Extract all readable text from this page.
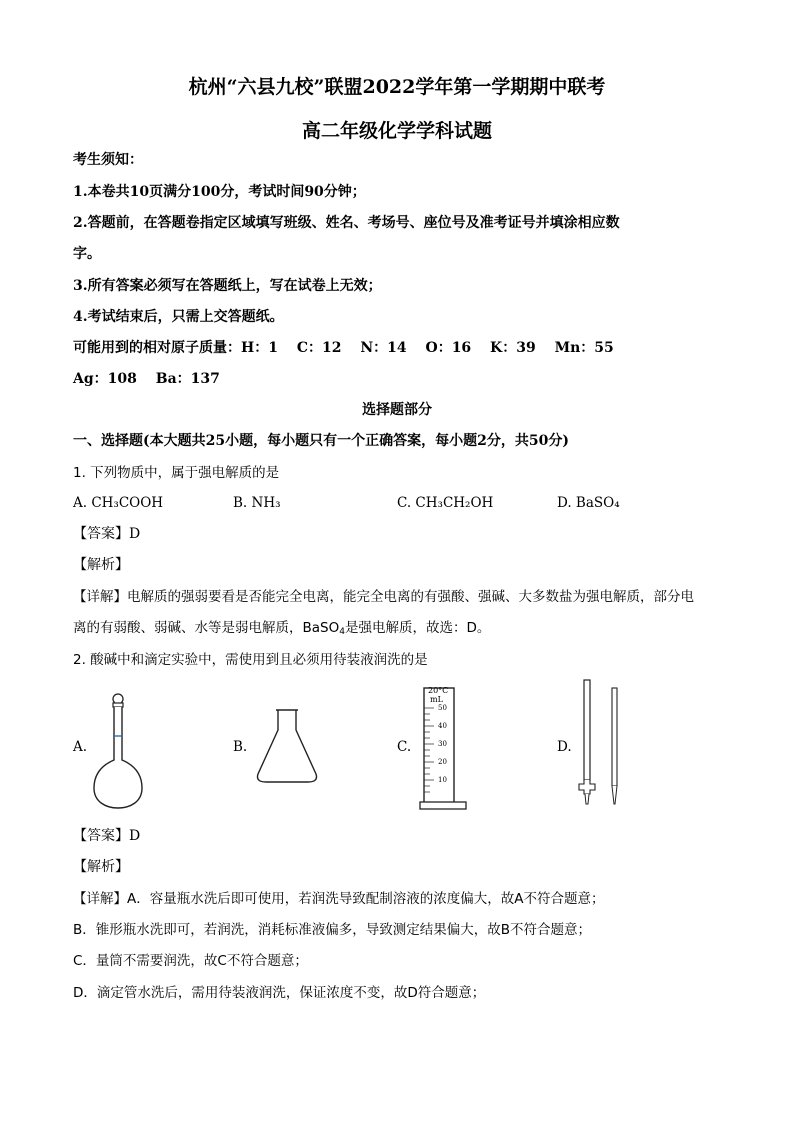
杭州“六县九校”联盟2022学年第一学期期中联考
高二年级化学学科试题
考生须知：
1.本卷共10页满分100分，考试时间90分钟；
2.答题前，在答题卷指定区域填写班级、姓名、考场号、座位号及准考证号并填涂相应数
字。
3.所有答案必须写在答题纸上，写在试卷上无效；
4.考试结束后，只需上交答题纸。
可能用到的相对原子质量：H：1　 C：12　 N：14　 O：16　 K：39　 Mn：55
Ag：108　 Ba：137
选择题部分
一、选择题(本大题共25小题，每小题只有一个正确答案，每小题2分，共50分)
1. 下列物质中，属于强电解质的是
A. CH₃COOH	B. NH₃	C. CH₃CH₂OH	D. BaSO₄
【答案】D
【解析】
【详解】电解质的强弱要看是否能完全电离，能完全电离的有强酸、强碱、大多数盐为强电解质，部分电
离的有弱酸、弱碱、水等是弱电解质，BaSO$_4$是强电解质，故选：D。
2. 酸碱中和滴定实验中，需使用到且必须用待装液润洗的是
A.	B.	C.	D.
20°C
mL
50
40
30
20
10
【答案】D
【解析】
【详解】A．容量瓶水洗后即可使用，若润洗导致配制溶液的浓度偏大，故A不符合题意；
B．锥形瓶水洗即可，若润洗，消耗标准液偏多，导致测定结果偏大，故B不符合题意；
C．量筒不需要润洗，故C不符合题意；
D．滴定管水洗后，需用待装液润洗，保证浓度不变，故D符合题意；
